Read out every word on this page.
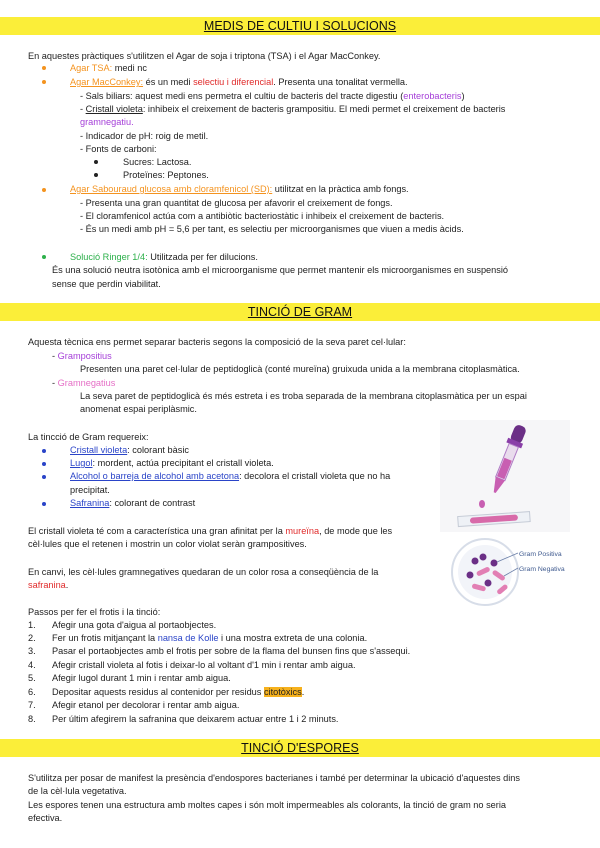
MEDIS DE CULTIU I SOLUCIONS
En aquestes pràctiques s'utilitzen el Agar de soja i triptona (TSA) i el Agar MacConkey.
Agar TSA: medi nc
Agar MacConkey: és un medi selectiu i diferencial. Presenta una tonalitat vermella.
- Sals biliars: aquest medi ens permetra el cultiu de bacteris del tracte digestiu (enterobacteris)
- Cristall violeta: inhibeix el creixement de bacteris grampositiu. El medi permet el creixement de bacteris
gramnegatiu.
- Indicador de pH: roig de metil.
- Fonts de carboni:
Sucres: Lactosa.
Proteïnes: Peptones.
Agar Sabouraud glucosa amb cloramfenicol (SD): utilitzat en la pràctica amb fongs.
- Presenta una gran quantitat de glucosa per afavorir el creixement de fongs.
- El cloramfenicol actúa com a antibiòtic bacteriostàtic i inhibeix el creixement de bacteris.
- És un medi amb pH = 5,6 per tant, es selectiu per microorganismes que viuen a medis àcids.
Solució Ringer 1/4: Utilitzada per fer dilucions.
És una solució neutra isotònica amb el microorganisme que permet mantenir els microorganismes en suspensió
sense que perdin viabilitat.
TINCIÓ DE GRAM
Aquesta tècnica ens permet separar bacteris segons la composició de la seva paret cel·lular:
- Grampositius
Presenten una paret cel·lular de peptidoglicà (conté mureïna) gruixuda unida a la membrana citoplasmàtica.
- Gramnegatius
La seva paret de peptidoglicà és més estreta i es troba separada de la membrana citoplasmàtica per un espai
anomenat espai periplàsmic.
La tincció de Gram requereix:
Cristall violeta: colorant bàsic
Lugol: mordent, actúa precipitant el cristall violeta.
Alcohol o barreja de alcohol amb acetona: decolora el cristall violeta que no ha
precipitat.
Safranina: colorant de contrast
El cristall violeta té com a característica una gran afinitat per la mureïna, de mode que les
cèl·lules que el retenen i mostrin un color violat seràn grampositives.
En canvi, les cèl·lules gramnegatives quedaran de un color rosa a conseqüència de la
safranina.
Passos per fer el frotis i la tinció:
1. Afegir una gota d'aigua al portaobjectes.
2. Fer un frotis mitjançant la nansa de Kolle i una mostra extreta de una colonia.
3. Pasar el portaobjectes amb el frotis per sobre de la flama del bunsen fins que s'assequi.
4. Afegir cristall violeta al fotis i deixar-lo al voltant d'1 min i rentar amb aigua.
5. Afegir lugol durant 1 min i rentar amb aigua.
6. Depositar aquests residus al contenidor per residus citotòxics.
7. Afegir etanol per decolorar i rentar amb aigua.
8. Per últim afegirem la safranina que deixarem actuar entre 1 i 2 minuts.
Gram Positiva
Gram Negativa
TINCIÓ D'ESPORES
S'utilitza per posar de manifest la presència d'endospores bacterianes i també per determinar la ubicació d'aquestes dins
de la cèl·lula vegetativa.
Les espores tenen una estructura amb moltes capes i són molt impermeables als colorants, la tinció de gram no seria
efectiva.
